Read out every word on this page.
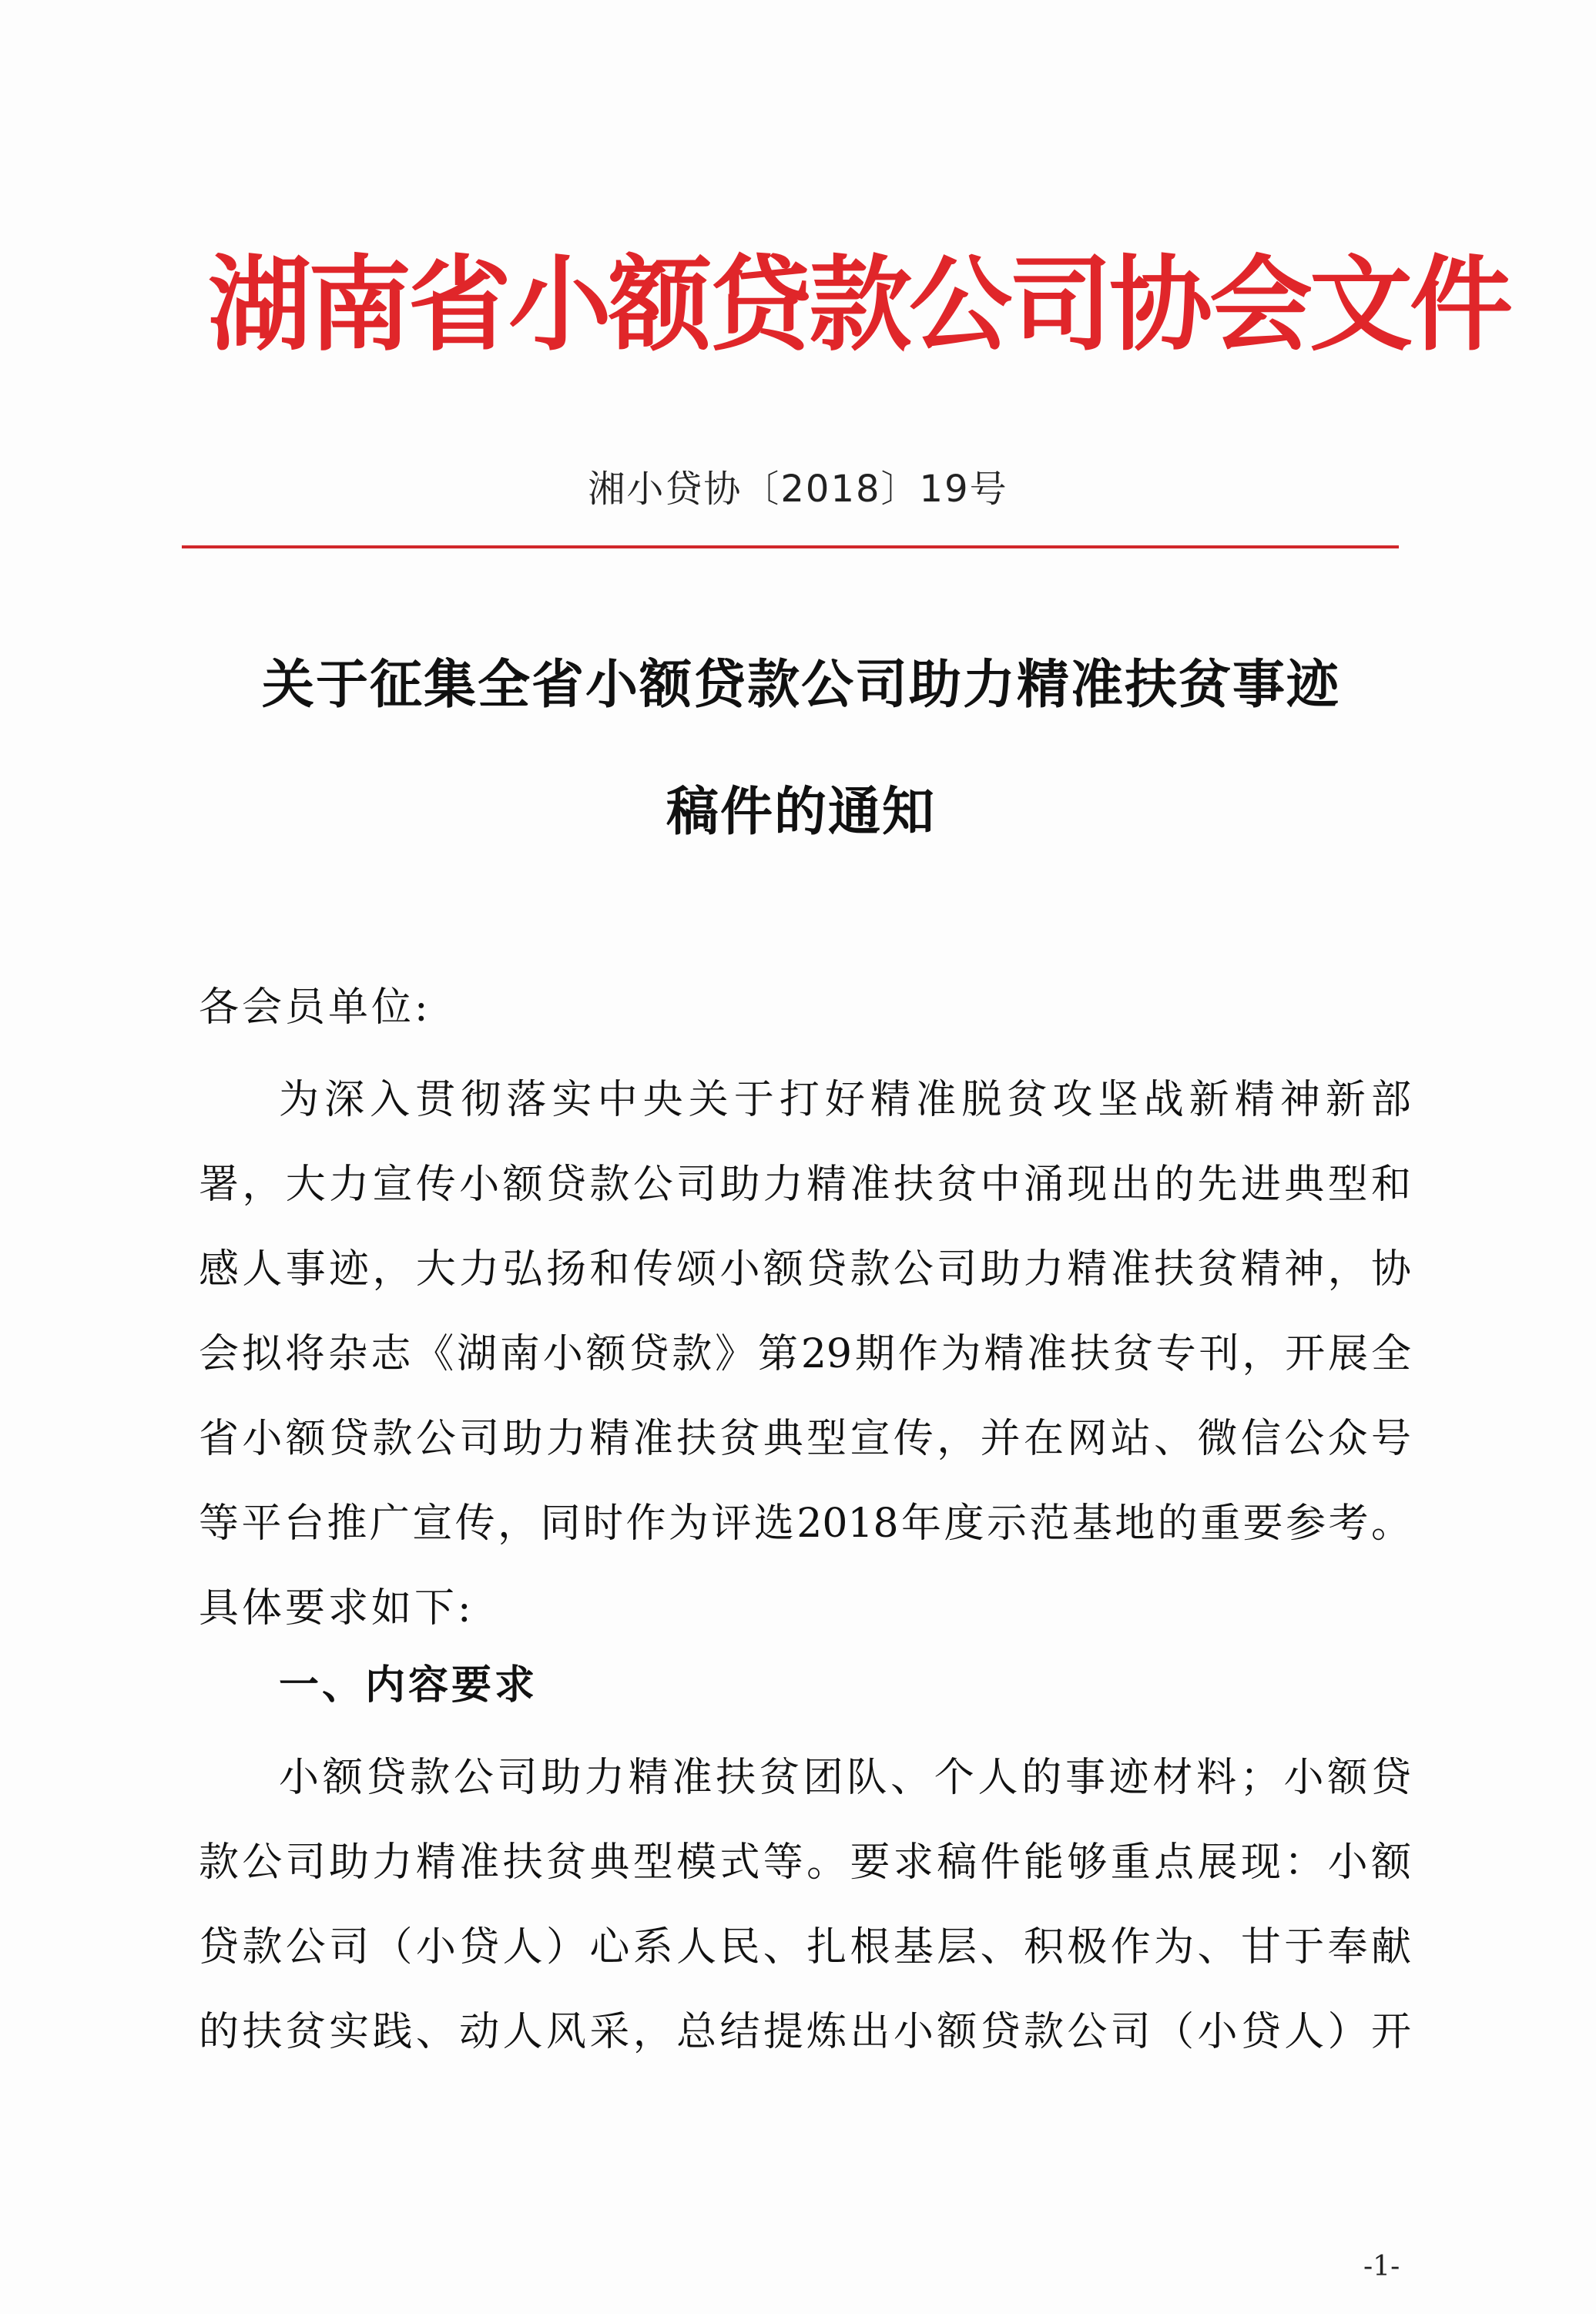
湖南省小额贷款公司协会文件
湘小贷协〔2018〕19号
关于征集全省小额贷款公司助力精准扶贫事迹
稿件的通知
各会员单位:
为深入贯彻落实中央关于打好精准脱贫攻坚战新精神新部
署，大力宣传小额贷款公司助力精准扶贫中涌现出的先进典型和
感人事迹，大力弘扬和传颂小额贷款公司助力精准扶贫精神，协
会拟将杂志《湖南小额贷款》第29期作为精准扶贫专刊，开展全
省小额贷款公司助力精准扶贫典型宣传，并在网站、微信公众号
等平台推广宣传，同时作为评选2018年度示范基地的重要参考。
具体要求如下:
一、内容要求
小额贷款公司助力精准扶贫团队、个人的事迹材料；小额贷
款公司助力精准扶贫典型模式等。要求稿件能够重点展现：小额
贷款公司（小贷人）心系人民、扎根基层、积极作为、甘于奉献
的扶贫实践、动人风采，总结提炼出小额贷款公司（小贷人）开
-1-
